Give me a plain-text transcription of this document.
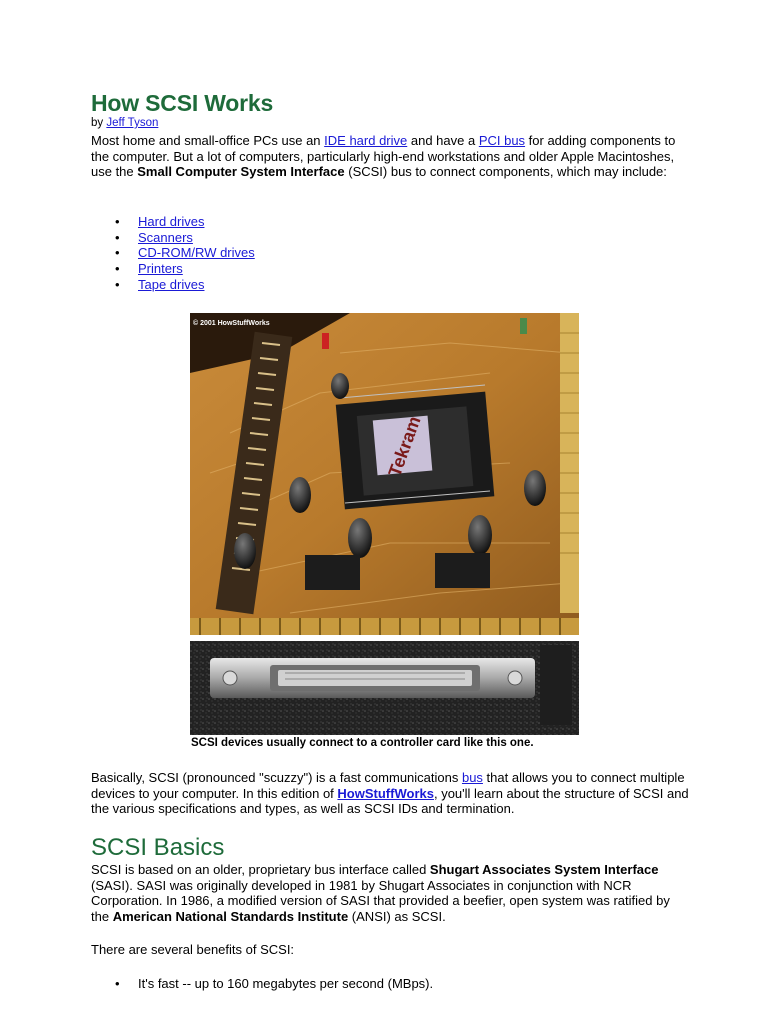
How SCSI Works
by Jeff Tyson

Most home and small-office PCs use an IDE hard drive and have a PCI bus for adding components to the computer. But a lot of computers, particularly high-end workstations and older Apple Macintoshes, use the Small Computer System Interface (SCSI) bus to connect components, which may include:

• Hard drives
• Scanners
• CD-ROM/RW drives
• Printers
• Tape drives
SCSI devices usually connect to a controller card like this one.

Basically, SCSI (pronounced "scuzzy") is a fast communications bus that allows you to connect multiple devices to your computer. In this edition of HowStuffWorks, you'll learn about the structure of SCSI and the various specifications and types, as well as SCSI IDs and termination.

SCSI Basics

SCSI is based on an older, proprietary bus interface called Shugart Associates System Interface (SASI). SASI was originally developed in 1981 by Shugart Associates in conjunction with NCR Corporation. In 1986, a modified version of SASI that provided a beefier, open system was ratified by the American National Standards Institute (ANSI) as SCSI.

There are several benefits of SCSI:

• It's fast -- up to 160 megabytes per second (MBps).
Tekram
© 2001 HowStuffWorks
